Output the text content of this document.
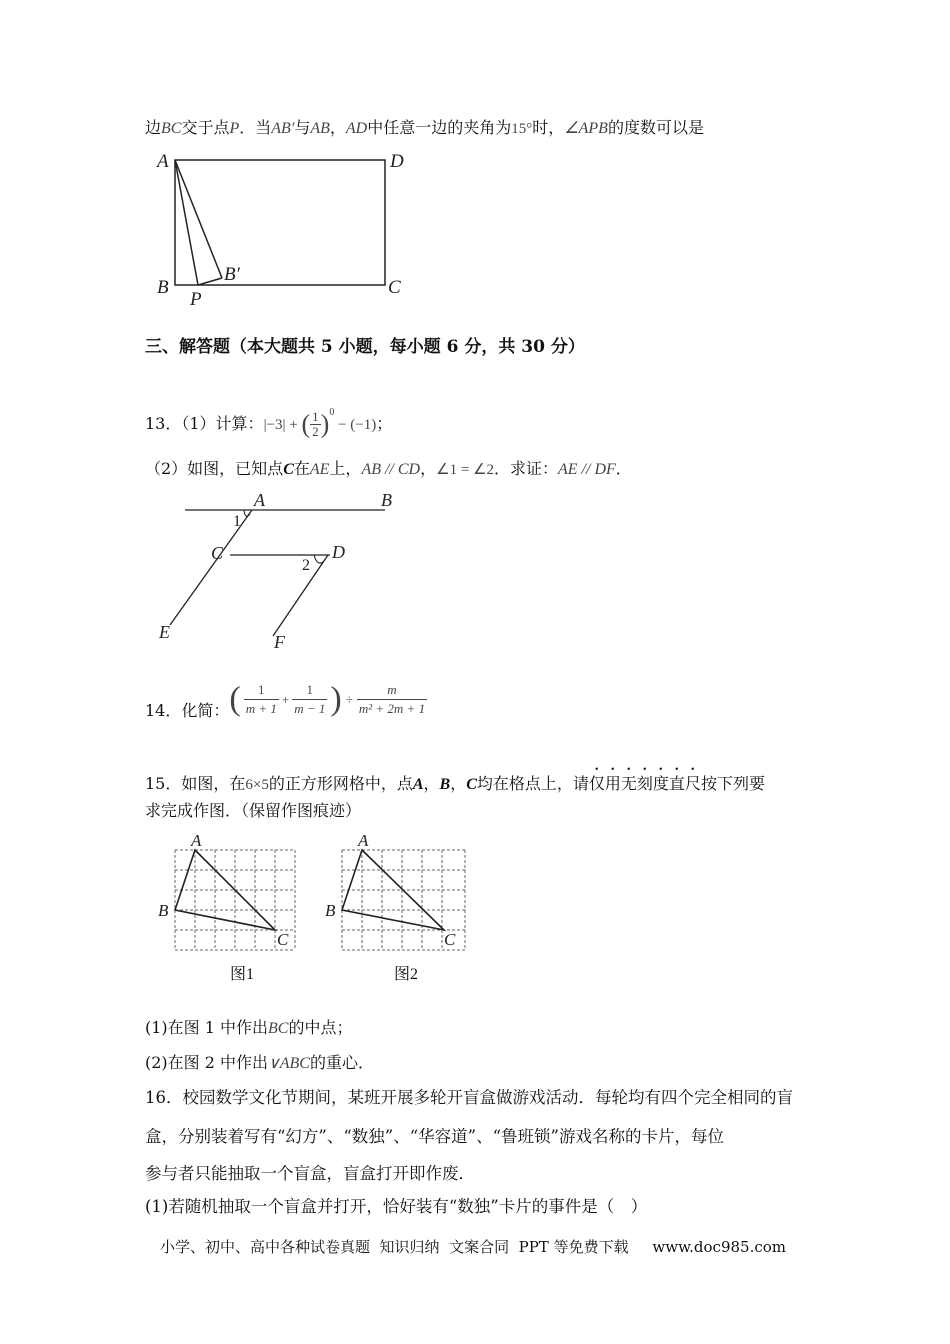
边BC交于点P．当AB′与AB，AD中任意一边的夹角为15°时，∠APB的度数可以是
A	D
B	C
P
B′
三、解答题（本大题共 5 小题，每小题 6 分，共 30 分）
13．（1）计算：|−3| + ( $\frac{1}{2} )^0 - (-1)$；
（2）如图，已知点C在AE上，AB // CD，∠1 = ∠2．求证：AE // DF．
A	B
C	D
E	F
1
2
14．化简：( $\frac{1}{m + 1} + \frac{1}{m - 1}$ ) ÷ $\frac{m}{\text{m² + 2m + 1}}$
15．如图，在6×5的正方形网格中，点A，B，C均在格点上，请仅用无刻度直尺按下列要
求完成作图．（保留作图痕迹）
A
B
C
图1
A
B
C
图2
(1)在图 1 中作出BC的中点；
(2)在图 2 中作出∨ABC的重心．
16．校园数学文化节期间，某班开展多轮开盲盒做游戏活动．每轮均有四个完全相同的盲
盒，分别装着写有“幻方”、“数独”、“华容道”、“鲁班锁”游戏名称的卡片，每位
参与者只能抽取一个盲盒，盲盒打开即作废．
(1)若随机抽取一个盲盒并打开，恰好装有“数独”卡片的事件是（　）
小学、初中、高中各种试卷真题  知识归纳  文案合同  PPT 等免费下载     www.doc985.com
